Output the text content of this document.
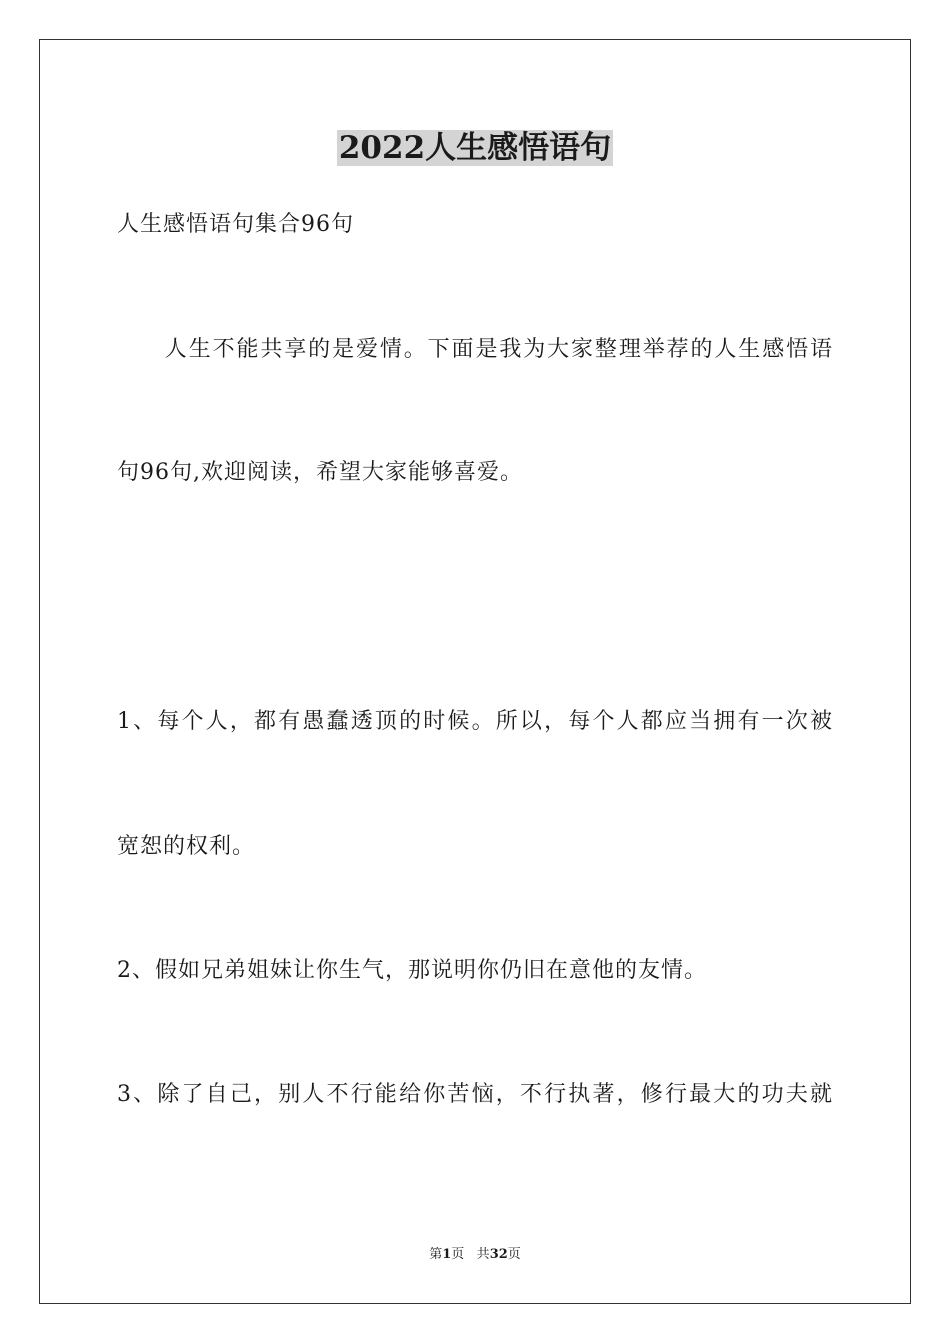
2022人生感悟语句
人生感悟语句集合96句
　　人生不能共享的是爱情。下面是我为大家整理举荐的人生感悟语
句96句,欢迎阅读，希望大家能够喜爱。
1、每个人，都有愚蠢透顶的时候。所以，每个人都应当拥有一次被
宽恕的权利。
2、假如兄弟姐妹让你生气，那说明你仍旧在意他的友情。
3、除了自己，别人不行能给你苦恼，不行执著，修行最大的功夫就
第1页 共32页
